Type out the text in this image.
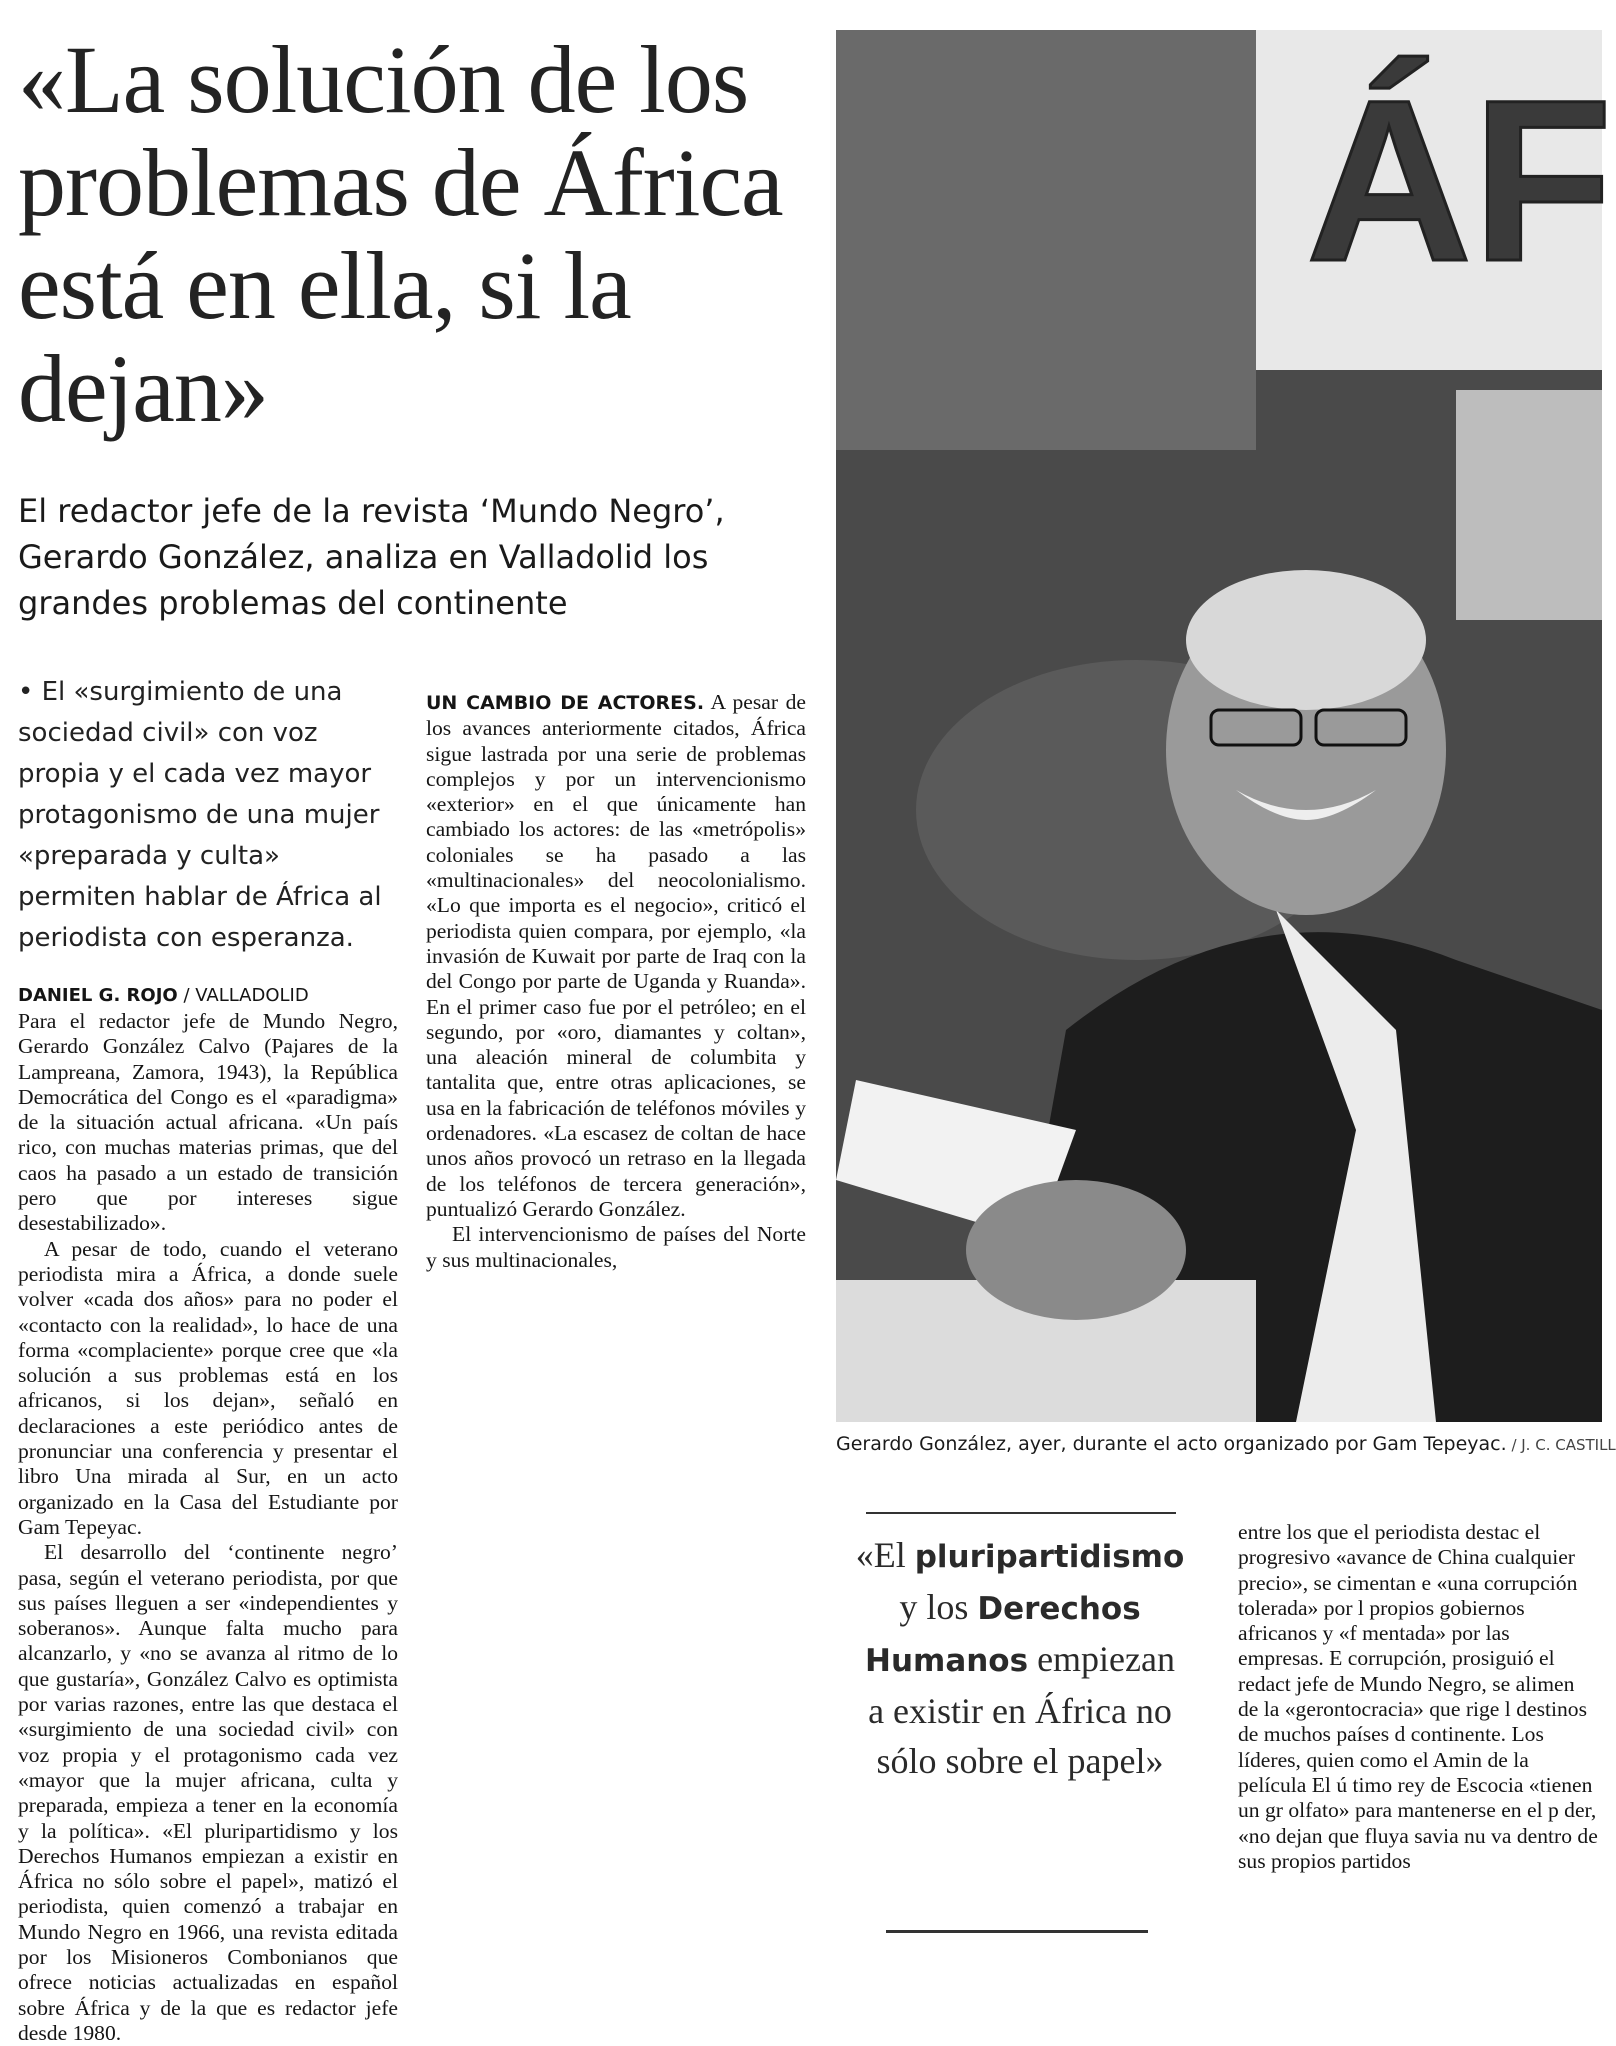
«La solución de los problemas de África está en ella, si la dejan»
El redactor jefe de la revista ‘Mundo Negro’, Gerardo González, analiza en Valladolid los grandes problemas del continente

• El «surgimiento de una sociedad civil» con voz propia y el cada vez mayor protagonismo de una mujer «preparada y culta» permiten hablar de África al periodista con esperanza.

DANIEL G. ROJO / VALLADOLID

Para el redactor jefe de Mundo Negro, Gerardo González Calvo (Pajares de la Lampreana, Zamora, 1943), la República Democrática del Congo es el «paradigma» de la situación actual africana. «Un país rico, con muchas materias primas, que del caos ha pasado a un estado de transición pero que por intereses sigue desestabilizado».

A pesar de todo, cuando el veterano periodista mira a África, a donde suele volver «cada dos años» para no poder el «contacto con la realidad», lo hace de una forma «complaciente» porque cree que «la solución a sus problemas está en los africanos, si los dejan», señaló en declaraciones a este periódico antes de pronunciar una conferencia y presentar el libro Una mirada al Sur, en un acto organizado en la Casa del Estudiante por Gam Tepeyac.

El desarrollo del ‘continente negro’ pasa, según el veterano periodista, por que sus países lleguen a ser «independientes y soberanos». Aunque falta mucho para alcanzarlo, y «no se avanza al ritmo de lo que gustaría», González Calvo es optimista por varias razones, entre las que destaca el «surgimiento de una sociedad civil» con voz propia y el protagonismo cada vez «mayor que la mujer africana, culta y preparada, empieza a tener en la economía y la política». «El pluripartidismo y los Derechos Humanos empiezan a existir en África no sólo sobre el papel», matizó el periodista, quien comenzó a trabajar en Mundo Negro en 1966, una revista editada por los Misioneros Combonianos que ofrece noticias actualizadas en español sobre África y de la que es redactor jefe desde 1980.

UN CAMBIO DE ACTORES. A pesar de los avances anteriormente citados, África sigue lastrada por una serie de problemas complejos y por un intervencionismo «exterior» en el que únicamente han cambiado los actores: de las «metrópolis» coloniales se ha pasado a las «multinacionales» del neocolonialismo. «Lo que importa es el negocio», criticó el periodista quien compara, por ejemplo, «la invasión de Kuwait por parte de Iraq con la del Congo por parte de Uganda y Ruanda». En el primer caso fue por el petróleo; en el segundo, por «oro, diamantes y coltan», una aleación mineral de columbita y tantalita que, entre otras aplicaciones, se usa en la fabricación de teléfonos móviles y ordenadores. «La escasez de coltan de hace unos años provocó un retraso en la llegada de los teléfonos de tercera generación», puntualizó Gerardo González.

El intervencionismo de países del Norte y sus multinacionales,

entre los que el periodista destac el progresivo «avance de China cualquier precio», se cimentan e «una corrupción tolerada» por l propios gobiernos africanos y «f mentada» por las empresas. E corrupción, prosiguió el redact jefe de Mundo Negro, se alimen de la «gerontocracia» que rige l destinos de muchos países d continente. Los líderes, quien como el Amin de la película El ú timo rey de Escocia «tienen un gr olfato» para mantenerse en el p der, «no dejan que fluya savia nu va dentro de sus propios partidos

ÁF
Gerardo González, ayer, durante el acto organizado por Gam Tepeyac. / J. C. CASTILL

«El pluripartidismo y los Derechos Humanos empiezan a existir en África no sólo sobre el papel»
